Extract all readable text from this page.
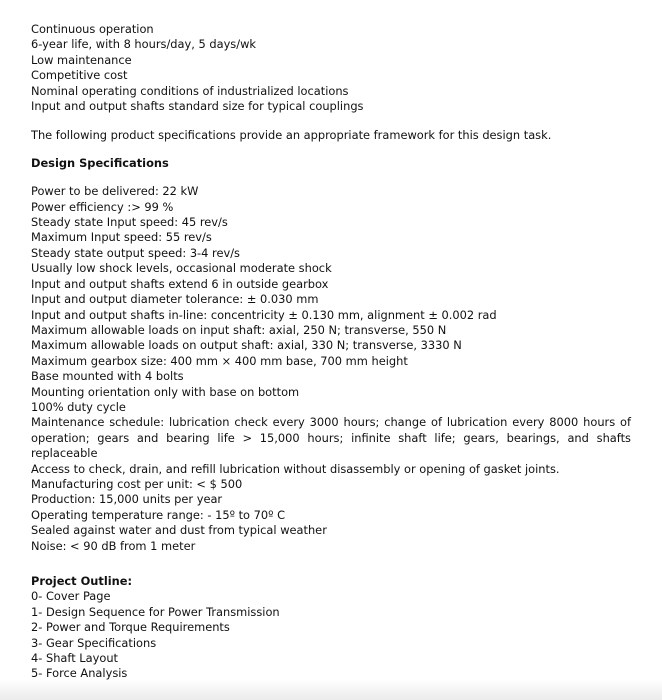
Continuous operation

6-year life, with 8 hours/day, 5 days/wk

Low maintenance

Competitive cost

Nominal operating conditions of industrialized locations

Input and output shafts standard size for typical couplings

The following product specifications provide an appropriate framework for this design task.

Design Specifications

Power to be delivered: 22 kW

Power efficiency :> 99 %

Steady state Input speed: 45 rev/s

Maximum Input speed: 55 rev/s

Steady state output speed: 3-4 rev/s

Usually low shock levels, occasional moderate shock

Input and output shafts extend 6 in outside gearbox

Input and output diameter tolerance: ± 0.030 mm

Input and output shafts in-line: concentricity ± 0.130 mm, alignment ± 0.002 rad

Maximum allowable loads on input shaft: axial, 250 N; transverse, 550 N

Maximum allowable loads on output shaft: axial, 330 N; transverse, 3330 N

Maximum gearbox size: 400 mm × 400 mm base, 700 mm height

Base mounted with 4 bolts

Mounting orientation only with base on bottom

100% duty cycle

Maintenance schedule: lubrication check every 3000 hours; change of lubrication every 8000 hours of operation; gears and bearing life > 15,000 hours; infinite shaft life; gears, bearings, and shafts replaceable

Access to check, drain, and refill lubrication without disassembly or opening of gasket joints.

Manufacturing cost per unit: < $ 500

Production: 15,000 units per year

Operating temperature range: - 15º to 70º C

Sealed against water and dust from typical weather

Noise: < 90 dB from 1 meter

Project Outline:

0- Cover Page

1- Design Sequence for Power Transmission

2- Power and Torque Requirements

3- Gear Specifications

4- Shaft Layout

5- Force Analysis
